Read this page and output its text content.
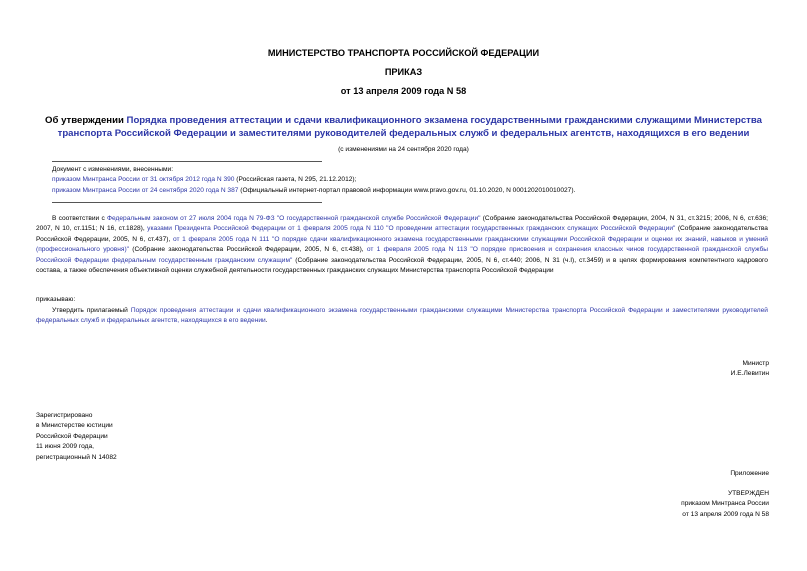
МИНИСТЕРСТВО ТРАНСПОРТА РОССИЙСКОЙ ФЕДЕРАЦИИ
ПРИКАЗ
от 13 апреля 2009 года N 58
Об утверждении Порядка проведения аттестации и сдачи квалификационного экзамена государственными гражданскими служащими Министерства транспорта Российской Федерации и заместителями руководителей федеральных служб и федеральных агентств, находящихся в его ведении
(с изменениями на 24 сентября 2020 года)
Документ с изменениями, внесенными:
приказом Минтранса России от 31 октября 2012 года N 390 (Российская газета, N 295, 21.12.2012);
приказом Минтранса России от 24 сентября 2020 года N 387 (Официальный интернет-портал правовой информации www.pravo.gov.ru, 01.10.2020, N 0001202010010027).
В соответствии с Федеральным законом от 27 июля 2004 года N 79-ФЗ "О государственной гражданской службе Российской Федерации" (Собрание законодательства Российской Федерации, 2004, N 31, ст.3215; 2006, N 6, ст.636; 2007, N 10, ст.1151; N 16, ст.1828), указами Президента Российской Федерации от 1 февраля 2005 года N 110 "О проведении аттестации государственных гражданских служащих Российской Федерации" (Собрание законодательства Российской Федерации, 2005, N 6, ст.437), от 1 февраля 2005 года N 111 "О порядке сдачи квалификационного экзамена государственными гражданскими служащими Российской Федерации и оценки их знаний, навыков и умений (профессионального уровня)" (Собрание законодательства Российской Федерации, 2005, N 6, ст.438), от 1 февраля 2005 года N 113 "О порядке присвоения и сохранения классных чинов государственной гражданской службы Российской Федерации федеральным государственным гражданским служащим" (Собрание законодательства Российской Федерации, 2005, N 6, ст.440; 2006, N 31 (ч.I), ст.3459) и в целях формирования компетентного кадрового состава, а также обеспечения объективной оценки служебной деятельности государственных гражданских служащих Министерства транспорта Российской Федерации
приказываю:
Утвердить прилагаемый Порядок проведения аттестации и сдачи квалификационного экзамена государственными гражданскими служащими Министерства транспорта Российской Федерации и заместителями руководителей федеральных служб и федеральных агентств, находящихся в его ведении.
Министр
И.Е.Левитин
Зарегистрировано
в Министерстве юстиции
Российской Федерации
11 июня 2009 года,
регистрационный N 14082
Приложение
УТВЕРЖДЕН
приказом Минтранса России
от 13 апреля 2009 года N 58
